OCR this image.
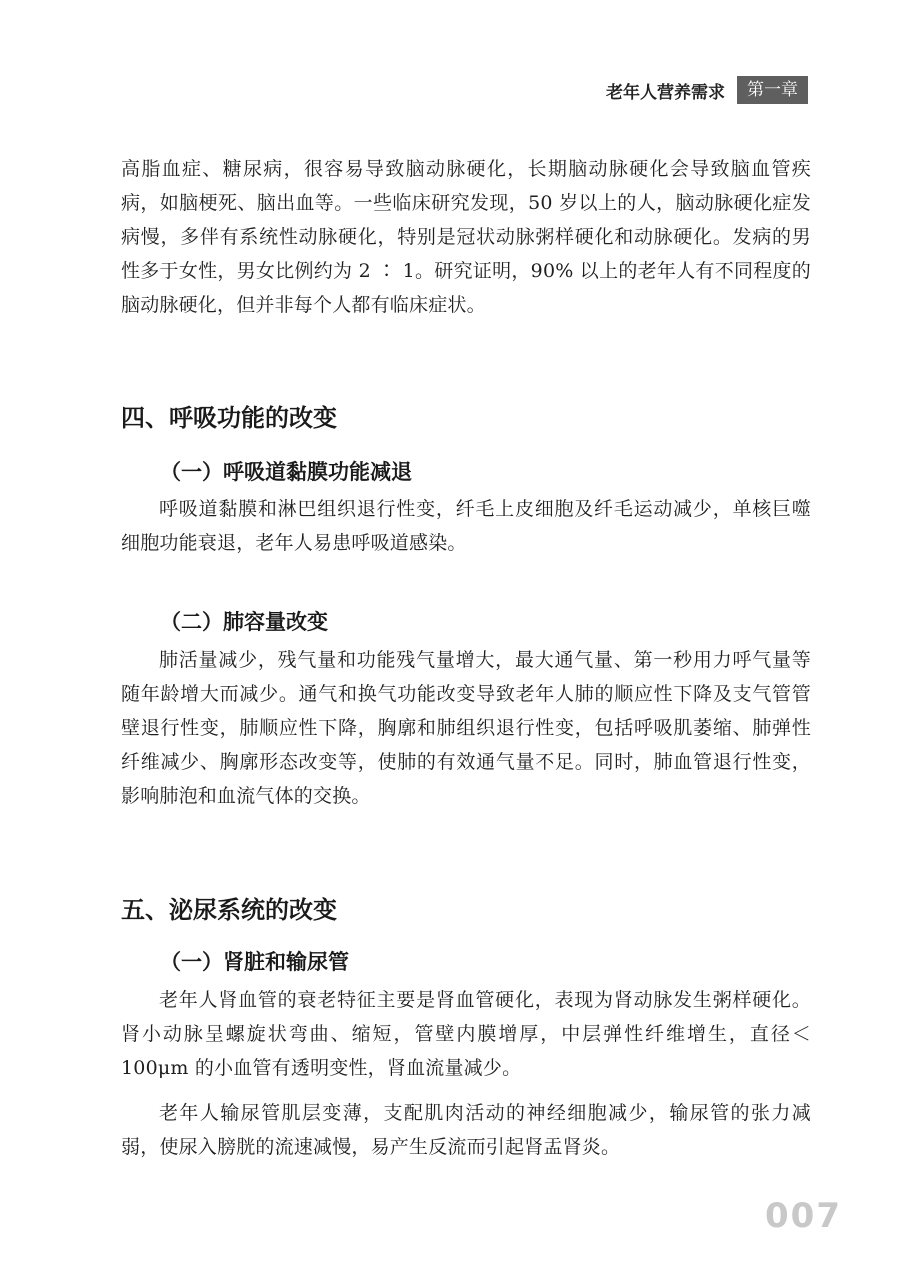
老年人营养需求	第一章

高脂血症、糖尿病，很容易导致脑动脉硬化，长期脑动脉硬化会导致脑血管疾病，如脑梗死、脑出血等。一些临床研究发现，50 岁以上的人，脑动脉硬化症发病慢，多伴有系统性动脉硬化，特别是冠状动脉粥样硬化和动脉硬化。发病的男性多于女性，男女比例约为 2 ∶ 1。研究证明，90% 以上的老年人有不同程度的脑动脉硬化，但并非每个人都有临床症状。

四、呼吸功能的改变
（一）呼吸道黏膜功能减退

呼吸道黏膜和淋巴组织退行性变，纤毛上皮细胞及纤毛运动减少，单核巨噬细胞功能衰退，老年人易患呼吸道感染。

（二）肺容量改变

肺活量减少，残气量和功能残气量增大，最大通气量、第一秒用力呼气量等随年龄增大而减少。通气和换气功能改变导致老年人肺的顺应性下降及支气管管壁退行性变，肺顺应性下降，胸廓和肺组织退行性变，包括呼吸肌萎缩、肺弹性纤维减少、胸廓形态改变等，使肺的有效通气量不足。同时，肺血管退行性变，影响肺泡和血流气体的交换。

五、泌尿系统的改变
（一）肾脏和输尿管

老年人肾血管的衰老特征主要是肾血管硬化，表现为肾动脉发生粥样硬化。肾小动脉呈螺旋状弯曲、缩短，管壁内膜增厚，中层弹性纤维增生，直径＜ 100μm 的小血管有透明变性，肾血流量减少。

老年人输尿管肌层变薄，支配肌肉活动的神经细胞减少，输尿管的张力减弱，使尿入膀胱的流速减慢，易产生反流而引起肾盂肾炎。

007
